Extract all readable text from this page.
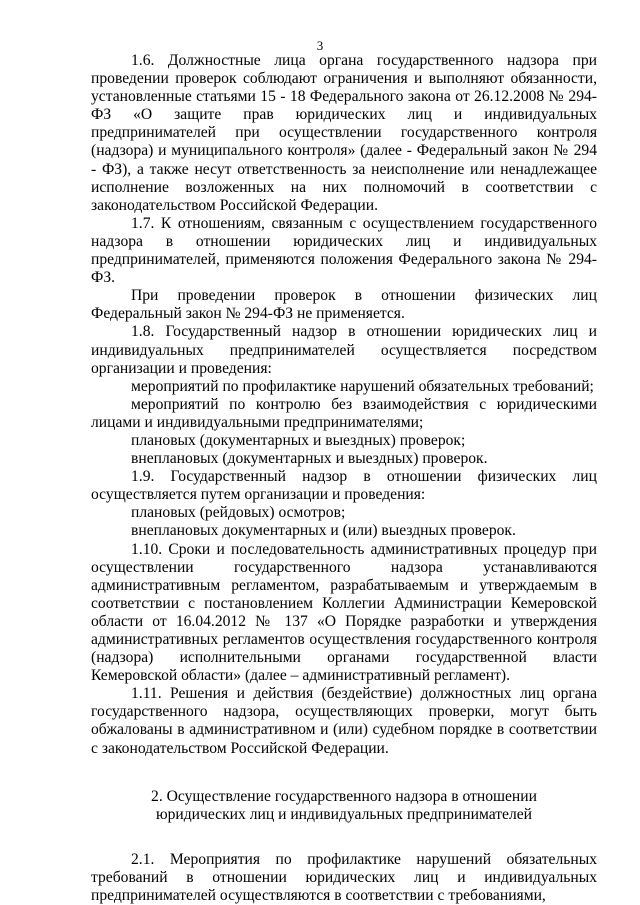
3

1.6. Должностные лица органа государственного надзора при проведении проверок соблюдают ограничения и выполняют обязанности, установленные статьями 15 - 18 Федерального закона от 26.12.2008 № 294-ФЗ «О защите прав юридических лиц и индивидуальных предпринимателей при осуществлении государственного контроля (надзора) и муниципального контроля» (далее - Федеральный закон № 294 - ФЗ), а также несут ответственность за неисполнение или ненадлежащее исполнение возложенных на них полномочий в соответствии с законодательством Российской Федерации.

1.7. К отношениям, связанным с осуществлением государственного надзора в отношении юридических лиц и индивидуальных предпринимателей, применяются положения Федерального закона № 294-ФЗ.

При проведении проверок в отношении физических лиц Федеральный закон № 294-ФЗ не применяется.

1.8. Государственный надзор в отношении юридических лиц и индивидуальных предпринимателей осуществляется посредством организации и проведения:

мероприятий по профилактике нарушений обязательных требований;

мероприятий по контролю без взаимодействия с юридическими лицами и индивидуальными предпринимателями;

плановых (документарных и выездных) проверок;

внеплановых (документарных и выездных) проверок.

1.9. Государственный надзор в отношении физических лиц осуществляется путем организации и проведения:

плановых (рейдовых) осмотров;

внеплановых документарных и (или) выездных проверок.

1.10. Сроки и последовательность административных процедур при осуществлении государственного надзора устанавливаются административным регламентом, разрабатываемым и утверждаемым в соответствии с постановлением Коллегии Администрации Кемеровской области от 16.04.2012 № 137 «О Порядке разработки и утверждения административных регламентов осуществления государственного контроля (надзора) исполнительными органами государственной власти Кемеровской области» (далее – административный регламент).

1.11. Решения и действия (бездействие) должностных лиц органа государственного надзора, осуществляющих проверки, могут быть обжалованы в административном и (или) судебном порядке в соответствии с законодательством Российской Федерации.

2. Осуществление государственного надзора в отношении
юридических лиц и индивидуальных предпринимателей

2.1. Мероприятия по профилактике нарушений обязательных требований в отношении юридических лиц и индивидуальных предпринимателей осуществляются в соответствии с требованиями,
